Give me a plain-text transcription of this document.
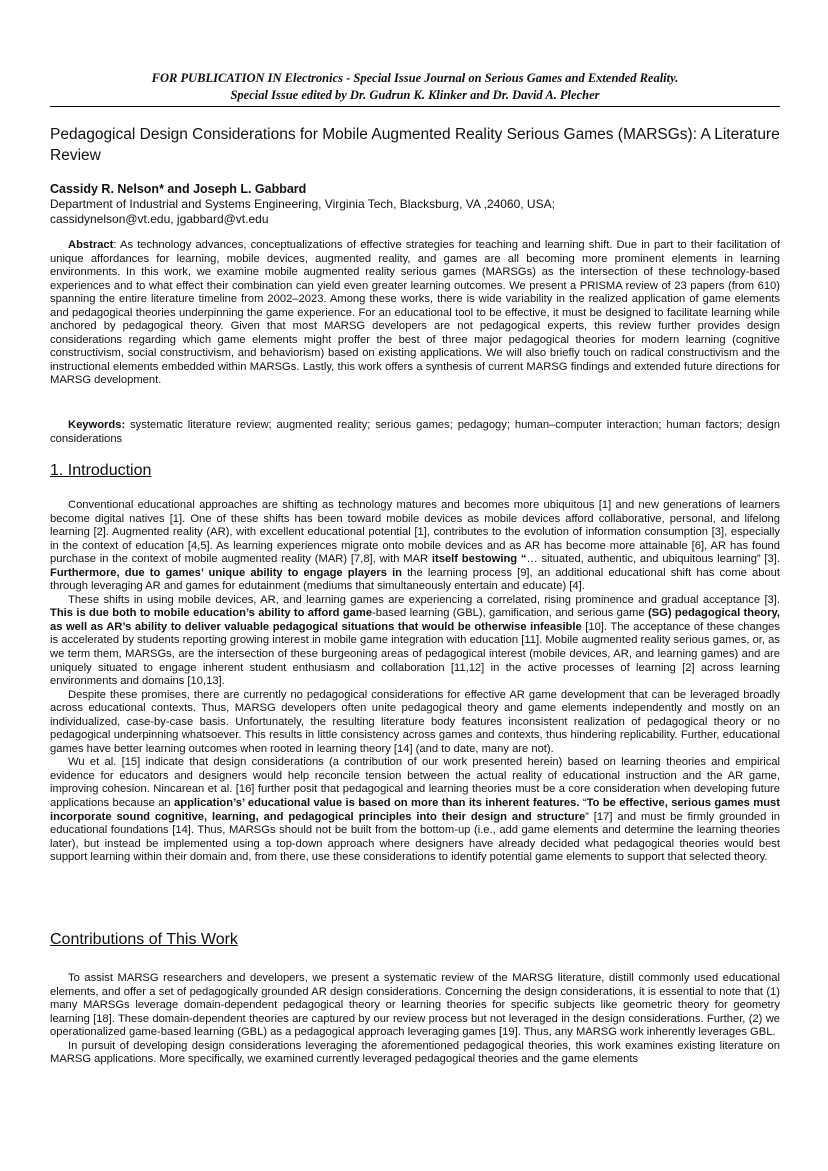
FOR PUBLICATION IN Electronics - Special Issue Journal on Serious Games and Extended Reality.
Special Issue edited by Dr. Gudrun K. Klinker and Dr. David A. Plecher
Pedagogical Design Considerations for Mobile Augmented Reality Serious Games (MARSGs): A Literature Review
Cassidy R. Nelson* and Joseph L. Gabbard
Department of Industrial and Systems Engineering, Virginia Tech, Blacksburg, VA ,24060, USA;
cassidynelson@vt.edu, jgabbard@vt.edu

Abstract: As technology advances, conceptualizations of effective strategies for teaching and learning shift. Due in part to their facilitation of unique affordances for learning, mobile devices, augmented reality, and games are all becoming more prominent elements in learning environments. In this work, we examine mobile augmented reality serious games (MARSGs) as the intersection of these technology-based experiences and to what effect their combination can yield even greater learning outcomes. We present a PRISMA review of 23 papers (from 610) spanning the entire literature timeline from 2002–2023. Among these works, there is wide variability in the realized application of game elements and pedagogical theories underpinning the game experience. For an educational tool to be effective, it must be designed to facilitate learning while anchored by pedagogical theory. Given that most MARSG developers are not pedagogical experts, this review further provides design considerations regarding which game elements might proffer the best of three major pedagogical theories for modern learning (cognitive constructivism, social constructivism, and behaviorism) based on existing applications. We will also briefly touch on radical constructivism and the instructional elements embedded within MARSGs. Lastly, this work offers a synthesis of current MARSG findings and extended future directions for MARSG development.

Keywords: systematic literature review; augmented reality; serious games; pedagogy; human–computer interaction; human factors; design considerations

1. Introduction

Conventional educational approaches are shifting as technology matures and becomes more ubiquitous [1] and new generations of learners become digital natives [1]. One of these shifts has been toward mobile devices as mobile devices afford collaborative, personal, and lifelong learning [2]. Augmented reality (AR), with excellent educational potential [1], contributes to the evolution of information consumption [3], especially in the context of education [4,5]. As learning experiences migrate onto mobile devices and as AR has become more attainable [6], AR has found purchase in the context of mobile augmented reality (MAR) [7,8], with MAR itself bestowing “… situated, authentic, and ubiquitous learning” [3]. Furthermore, due to games’ unique ability to engage players in the learning process [9], an additional educational shift has come about through leveraging AR and games for edutainment (mediums that simultaneously entertain and educate) [4].

These shifts in using mobile devices, AR, and learning games are experiencing a correlated, rising prominence and gradual acceptance [3]. This is due both to mobile education’s ability to afford game-based learning (GBL), gamification, and serious game (SG) pedagogical theory, as well as AR’s ability to deliver valuable pedagogical situations that would be otherwise infeasible [10]. The acceptance of these changes is accelerated by students reporting growing interest in mobile game integration with education [11]. Mobile augmented reality serious games, or, as we term them, MARSGs, are the intersection of these burgeoning areas of pedagogical interest (mobile devices, AR, and learning games) and are uniquely situated to engage inherent student enthusiasm and collaboration [11,12] in the active processes of learning [2] across learning environments and domains [10,13].

Despite these promises, there are currently no pedagogical considerations for effective AR game development that can be leveraged broadly across educational contexts. Thus, MARSG developers often unite pedagogical theory and game elements independently and mostly on an individualized, case-by-case basis. Unfortunately, the resulting literature body features inconsistent realization of pedagogical theory or no pedagogical underpinning whatsoever. This results in little consistency across games and contexts, thus hindering replicability. Further, educational games have better learning outcomes when rooted in learning theory [14] (and to date, many are not).

Wu et al. [15] indicate that design considerations (a contribution of our work presented herein) based on learning theories and empirical evidence for educators and designers would help reconcile tension between the actual reality of educational instruction and the AR game, improving cohesion. Nincarean et al. [16] further posit that pedagogical and learning theories must be a core consideration when developing future applications because an application’s’ educational value is based on more than its inherent features. “To be effective, serious games must incorporate sound cognitive, learning, and pedagogical principles into their design and structure” [17] and must be firmly grounded in educational foundations [14]. Thus, MARSGs should not be built from the bottom-up (i.e., add game elements and determine the learning theories later), but instead be implemented using a top-down approach where designers have already decided what pedagogical theories would best support learning within their domain and, from there, use these considerations to identify potential game elements to support that selected theory.

Contributions of This Work

To assist MARSG researchers and developers, we present a systematic review of the MARSG literature, distill commonly used educational elements, and offer a set of pedagogically grounded AR design considerations. Concerning the design considerations, it is essential to note that (1) many MARSGs leverage domain-dependent pedagogical theory or learning theories for specific subjects like geometric theory for geometry learning [18]. These domain-dependent theories are captured by our review process but not leveraged in the design considerations. Further, (2) we operationalized game-based learning (GBL) as a pedagogical approach leveraging games [19]. Thus, any MARSG work inherently leverages GBL.

In pursuit of developing design considerations leveraging the aforementioned pedagogical theories, this work examines existing literature on MARSG applications. More specifically, we examined currently leveraged pedagogical theories and the game elements
